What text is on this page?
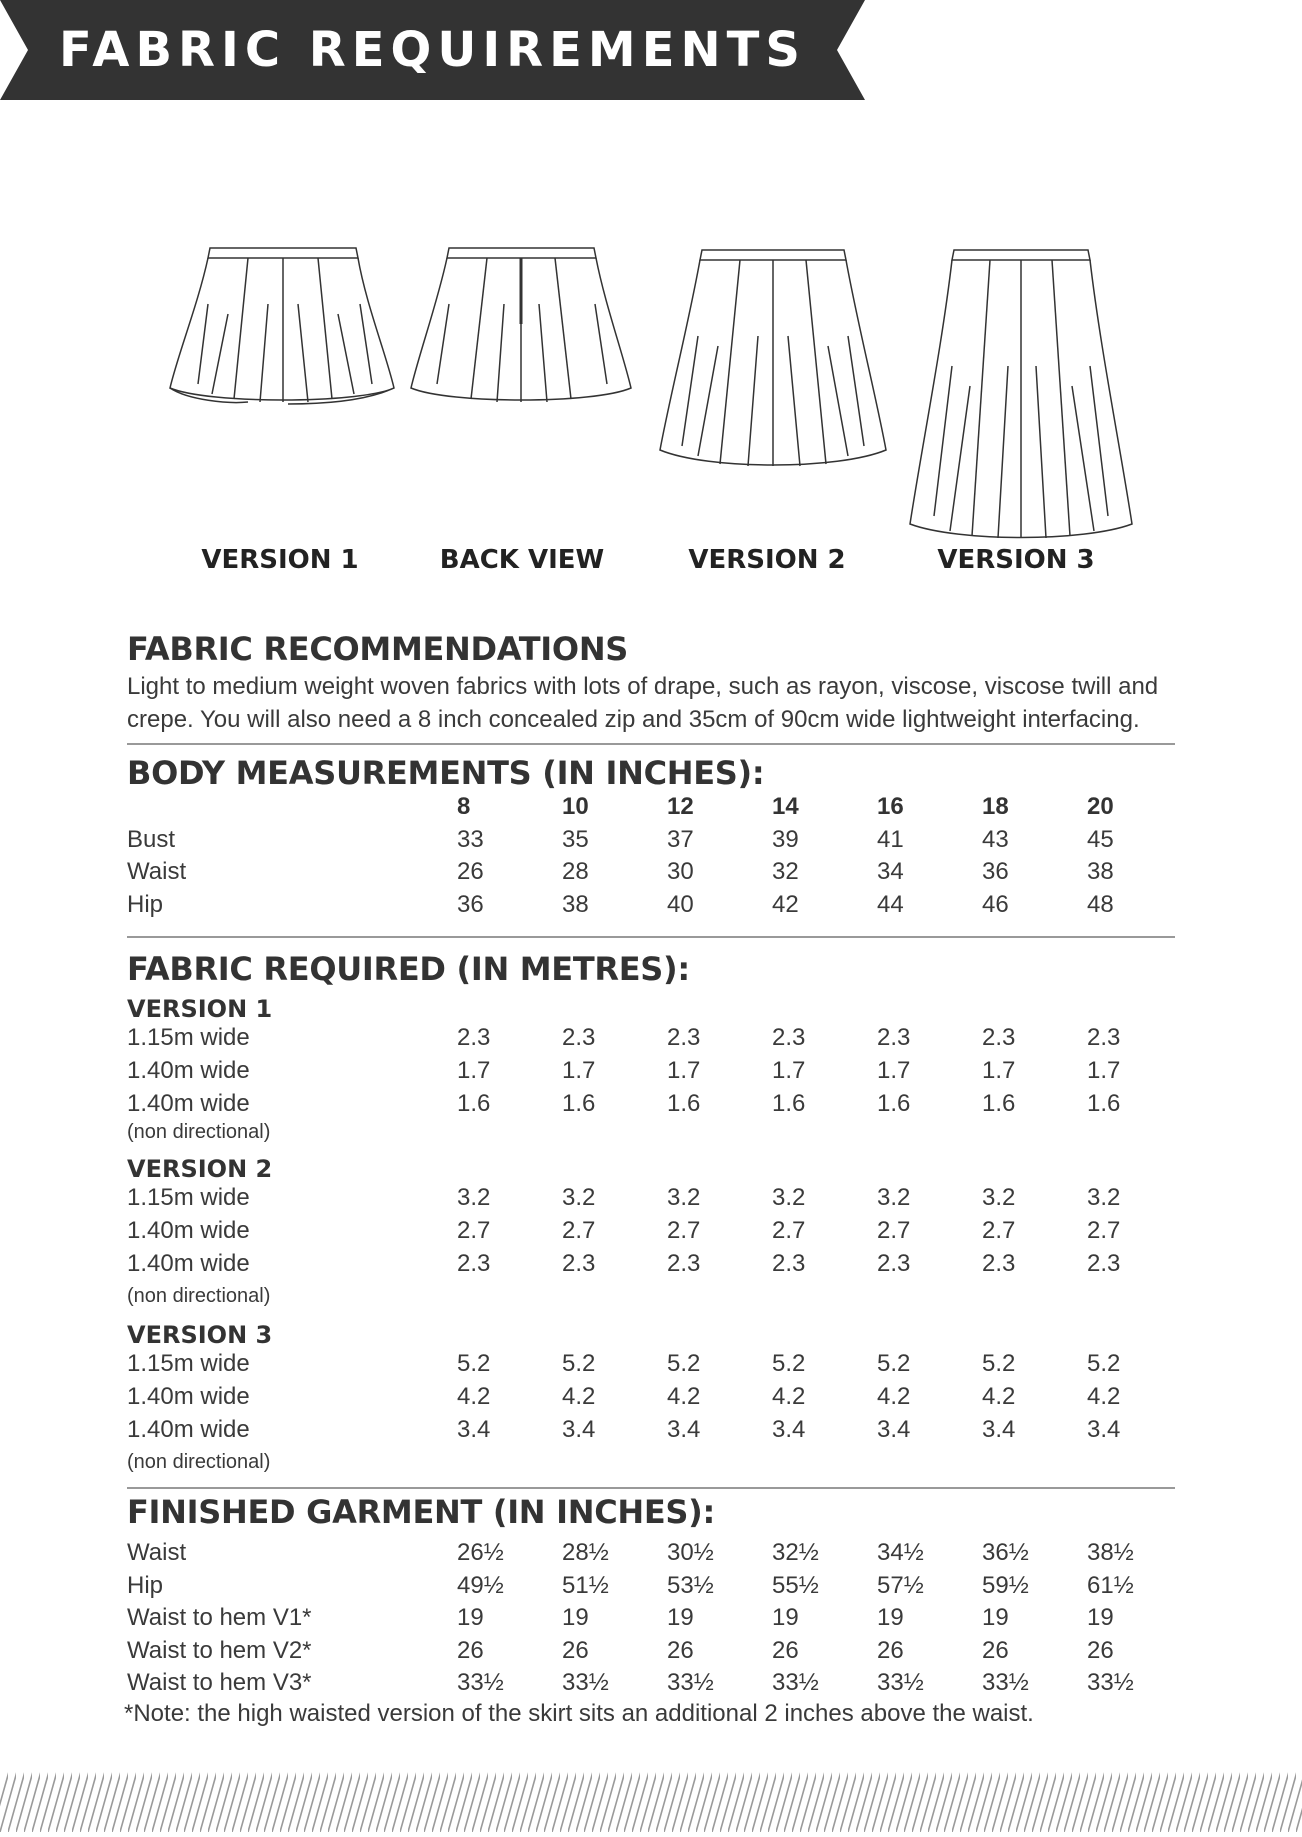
FABRIC REQUIREMENTS
VERSION 1	BACK VIEW	VERSION 2	VERSION 3
FABRIC RECOMMENDATIONS
Light to medium weight woven fabrics with lots of drape, such as rayon, viscose, viscose twill and
crepe. You will also need a 8 inch concealed zip and 35cm of 90cm wide lightweight interfacing.
BODY MEASUREMENTS (IN INCHES):
8	10	12	14	16	18	20
Bust	33	35	37	39	41	43	45
Waist	26	28	30	32	34	36	38
Hip	36	38	40	42	44	46	48
FABRIC REQUIRED (IN METRES):
VERSION 1
1.15m wide	2.3	2.3	2.3	2.3	2.3	2.3	2.3
1.40m wide	1.7	1.7	1.7	1.7	1.7	1.7	1.7
1.40m wide	1.6	1.6	1.6	1.6	1.6	1.6	1.6
(non directional)
VERSION 2
1.15m wide	3.2	3.2	3.2	3.2	3.2	3.2	3.2
1.40m wide	2.7	2.7	2.7	2.7	2.7	2.7	2.7
1.40m wide	2.3	2.3	2.3	2.3	2.3	2.3	2.3
(non directional)
VERSION 3
1.15m wide	5.2	5.2	5.2	5.2	5.2	5.2	5.2
1.40m wide	4.2	4.2	4.2	4.2	4.2	4.2	4.2
1.40m wide	3.4	3.4	3.4	3.4	3.4	3.4	3.4
(non directional)
FINISHED GARMENT (IN INCHES):
Waist	26½ 28½ 30½ 32½ 34½ 36½ 38½
Hip	49½ 51½ 53½ 55½ 57½ 59½ 61½
Waist to hem V1*	19	19	19	19	19	19	19
Waist to hem V2*	26	26	26	26	26	26	26
Waist to hem V3*	33½ 33½ 33½ 33½ 33½ 33½ 33½
*Note: the high waisted version of the skirt sits an additional 2 inches above the waist.
